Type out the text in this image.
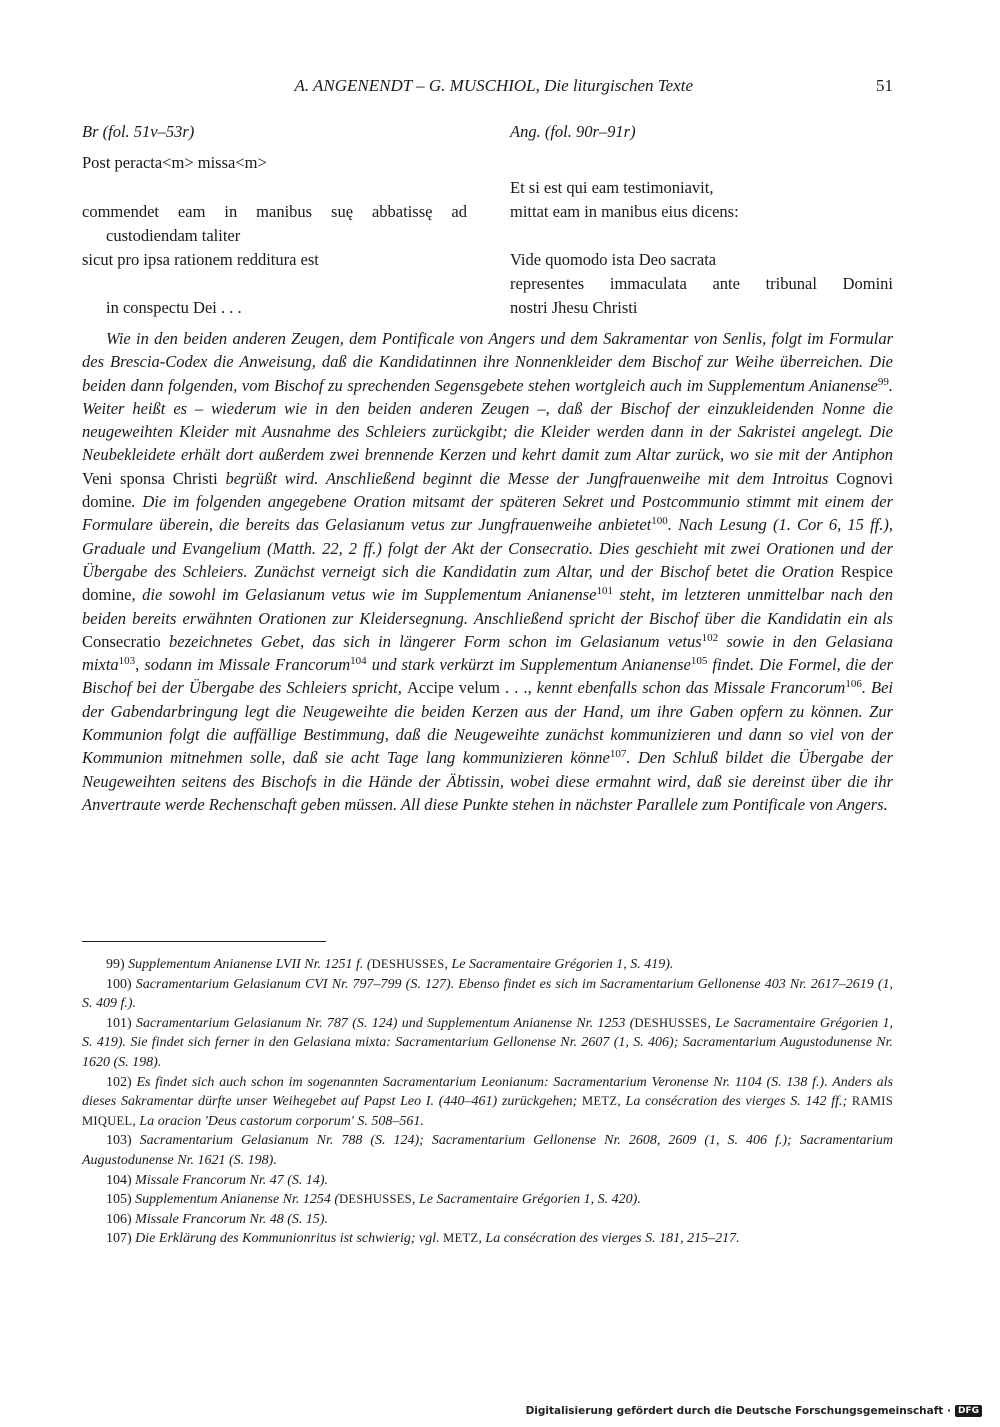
A. ANGENENDT – G. MUSCHIOL, Die liturgischen Texte	51
Br (fol. 51v–53r)
Post peracta<m> missa<m>
commendet eam in manibus suę abbatissę ad
custodiendam taliter
sicut pro ipsa rationem redditura est
in conspectu Dei . . .
Ang. (fol. 90r–91r)
Et si est qui eam testimoniavit,
mittat eam in manibus eius dicens:
Vide quomodo ista Deo sacrata
representes immaculata ante tribunal Domini
nostri Jhesu Christi

Wie in den beiden anderen Zeugen, dem Pontificale von Angers und dem Sakramentar von Senlis, folgt im Formular des Brescia-Codex die Anweisung, daß die Kandidatinnen ihre Nonnenkleider dem Bischof zur Weihe überreichen. Die beiden dann folgenden, vom Bischof zu sprechenden Segensgebete stehen wortgleich auch im Supplementum Anianense$^{99}$. Weiter heißt es – wiederum wie in den beiden anderen Zeugen –, daß der Bischof der einzukleidenden Nonne die neugeweihten Kleider mit Ausnahme des Schleiers zurückgibt; die Kleider werden dann in der Sakristei angelegt. Die Neubekleidete erhält dort außerdem zwei brennende Kerzen und kehrt damit zum Altar zurück, wo sie mit der Antiphon Veni sponsa Christi begrüßt wird. Anschließend beginnt die Messe der Jungfrauenweihe mit dem Introitus Cognovi domine. Die im folgenden angegebene Oration mitsamt der späteren Sekret und Postcommunio stimmt mit einem der Formulare überein, die bereits das Gelasianum vetus zur Jungfrauenweihe anbietet$^{100}$. Nach Lesung (1. Cor 6, 15 ff.), Graduale und Evangelium (Matth. 22, 2 ff.) folgt der Akt der Consecratio. Dies geschieht mit zwei Orationen und der Übergabe des Schleiers. Zunächst verneigt sich die Kandidatin zum Altar, und der Bischof betet die Oration Respice domine, die sowohl im Gelasianum vetus wie im Supplementum Anianense$^{101}$ steht, im letzteren unmittelbar nach den beiden bereits erwähnten Orationen zur Kleidersegnung. Anschließend spricht der Bischof über die Kandidatin ein als Consecratio bezeichnetes Gebet, das sich in längerer Form schon im Gelasianum vetus$^{102}$ sowie in den Gelasiana mixta$^{103}$, sodann im Missale Francorum$^{104}$ und stark verkürzt im Supplementum Anianense$^{105}$ findet. Die Formel, die der Bischof bei der Übergabe des Schleiers spricht, Accipe velum . . ., kennt ebenfalls schon das Missale Francorum$^{106}$. Bei der Gabendarbringung legt die Neugeweihte die beiden Kerzen aus der Hand, um ihre Gaben opfern zu können. Zur Kommunion folgt die auffällige Bestimmung, daß die Neugeweihte zunächst kommunizieren und dann so viel von der Kommunion mitnehmen solle, daß sie acht Tage lang kommunizieren könne$^{107}$. Den Schluß bildet die Übergabe der Neugeweihten seitens des Bischofs in die Hände der Äbtissin, wobei diese ermahnt wird, daß sie dereinst über die ihr Anvertraute werde Rechenschaft geben müssen. All diese Punkte stehen in nächster Parallele zum Pontificale von Angers.

99) Supplementum Anianense LVII Nr. 1251 f. (DESHUSSES, Le Sacramentaire Grégorien 1, S. 419).
100) Sacramentarium Gelasianum CVI Nr. 797–799 (S. 127). Ebenso findet es sich im Sacramentarium Gellonense 403 Nr. 2617–2619 (1, S. 409 f.).
101) Sacramentarium Gelasianum Nr. 787 (S. 124) und Supplementum Anianense Nr. 1253 (DESHUSSES, Le Sacramentaire Grégorien 1, S. 419). Sie findet sich ferner in den Gelasiana mixta: Sacramentarium Gellonense Nr. 2607 (1, S. 406); Sacramentarium Augustodunense Nr. 1620 (S. 198).
102) Es findet sich auch schon im sogenannten Sacramentarium Leonianum: Sacramentarium Veronense Nr. 1104 (S. 138 f.). Anders als dieses Sakramentar dürfte unser Weihegebet auf Papst Leo I. (440–461) zurückgehen; METZ, La consécration des vierges S. 142 ff.; RAMIS MIQUEL, La oracion 'Deus castorum corporum' S. 508–561.
103) Sacramentarium Gelasianum Nr. 788 (S. 124); Sacramentarium Gellonense Nr. 2608, 2609 (1, S. 406 f.); Sacramentarium Augustodunense Nr. 1621 (S. 198).
104) Missale Francorum Nr. 47 (S. 14).
105) Supplementum Anianense Nr. 1254 (DESHUSSES, Le Sacramentaire Grégorien 1, S. 420).
106) Missale Francorum Nr. 48 (S. 15).
107) Die Erklärung des Kommunionritus ist schwierig; vgl. METZ, La consécration des vierges S. 181, 215–217.
Digitalisierung gefördert durch die Deutsche Forschungsgemeinschaft · DFG
